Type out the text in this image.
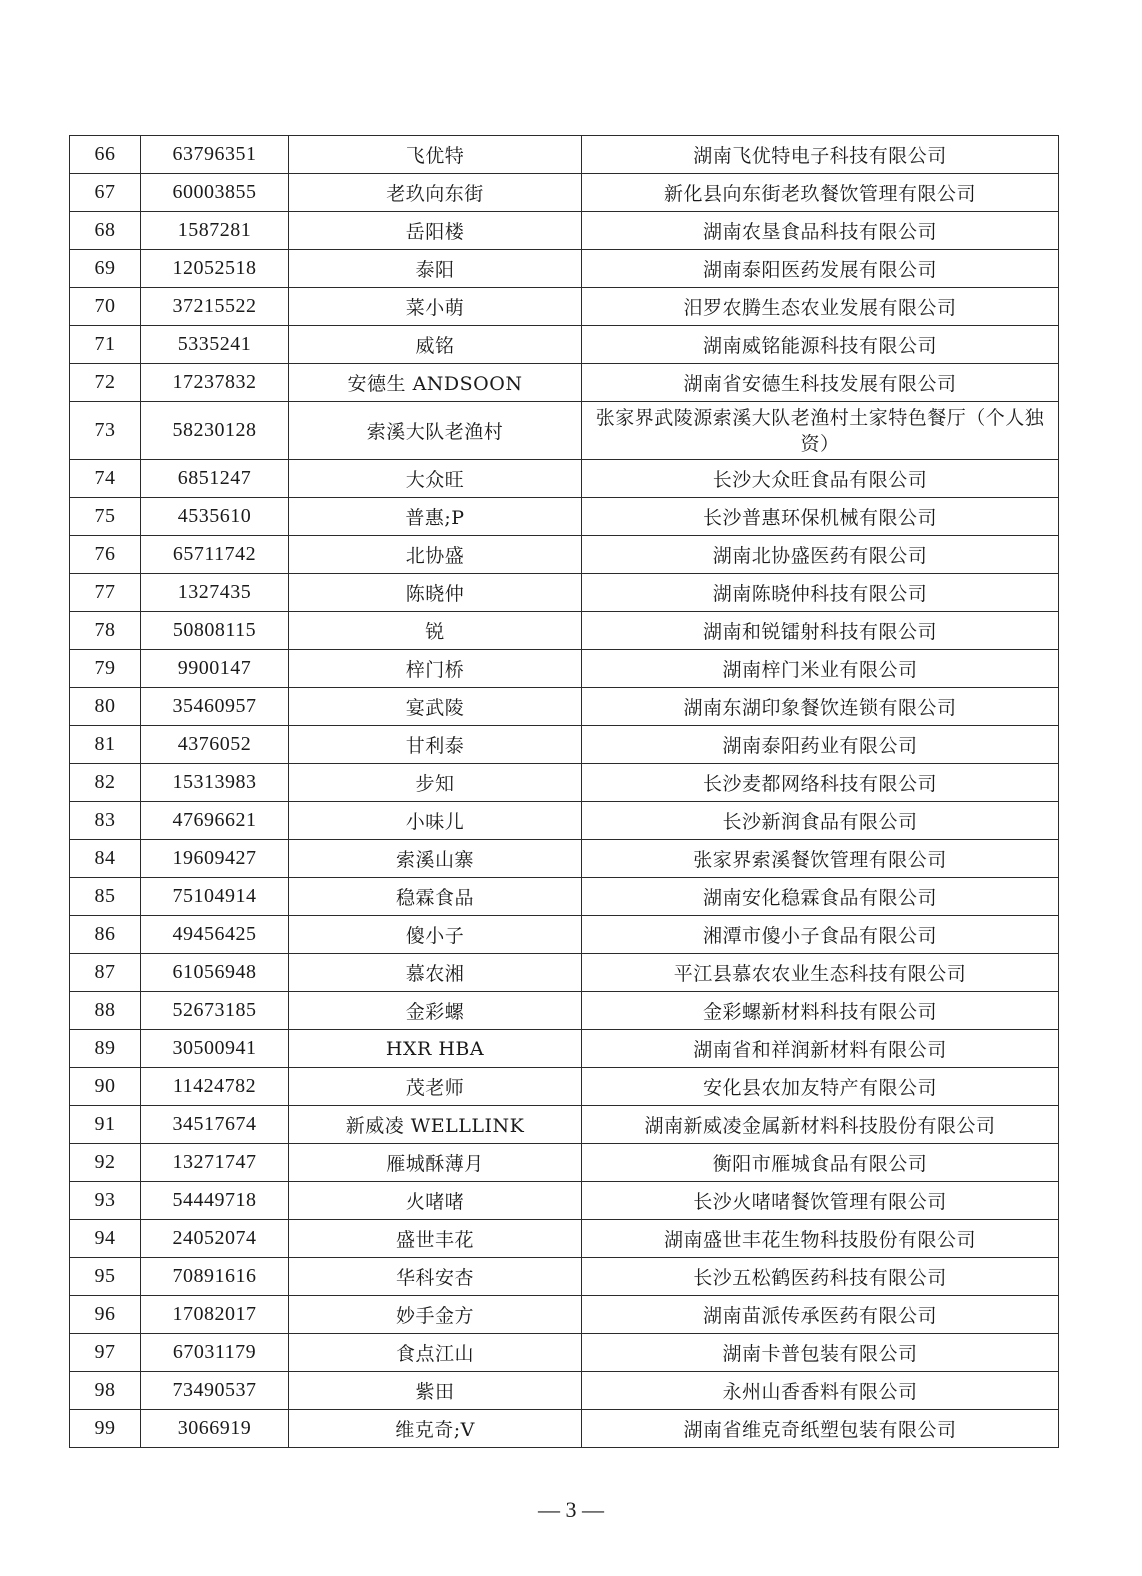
66	63796351	飞优特	湖南飞优特电子科技有限公司
67	60003855	老玖向东街	新化县向东街老玖餐饮管理有限公司
68	1587281	岳阳楼	湖南农垦食品科技有限公司
69	12052518	泰阳	湖南泰阳医药发展有限公司
70	37215522	菜小萌	汨罗农腾生态农业发展有限公司
71	5335241	威铭	湖南威铭能源科技有限公司
72	17237832	安德生 ANDSOON	湖南省安德生科技发展有限公司
73	58230128	索溪大队老渔村	张家界武陵源索溪大队老渔村土家特色餐厅（个人独资）
74	6851247	大众旺	长沙大众旺食品有限公司
75	4535610	普惠;P	长沙普惠环保机械有限公司
76	65711742	北协盛	湖南北协盛医药有限公司
77	1327435	陈晓仲	湖南陈晓仲科技有限公司
78	50808115	锐	湖南和锐镭射科技有限公司
79	9900147	梓门桥	湖南梓门米业有限公司
80	35460957	宴武陵	湖南东湖印象餐饮连锁有限公司
81	4376052	甘利泰	湖南泰阳药业有限公司
82	15313983	步知	长沙麦都网络科技有限公司
83	47696621	小味儿	长沙新润食品有限公司
84	19609427	索溪山寨	张家界索溪餐饮管理有限公司
85	75104914	稳霖食品	湖南安化稳霖食品有限公司
86	49456425	傻小子	湘潭市傻小子食品有限公司
87	61056948	慕农湘	平江县慕农农业生态科技有限公司
88	52673185	金彩螺	金彩螺新材料科技有限公司
89	30500941	HXR HBA	湖南省和祥润新材料有限公司
90	11424782	茂老师	安化县农加友特产有限公司
91	34517674	新威凌 WELLLINK	湖南新威凌金属新材料科技股份有限公司
92	13271747	雁城酥薄月	衡阳市雁城食品有限公司
93	54449718	火啫啫	长沙火啫啫餐饮管理有限公司
94	24052074	盛世丰花	湖南盛世丰花生物科技股份有限公司
95	70891616	华科安杏	长沙五松鹤医药科技有限公司
96	17082017	妙手金方	湖南苗派传承医药有限公司
97	67031179	食点江山	湖南卡普包装有限公司
98	73490537	紫田	永州山香香料有限公司
99	3066919	维克奇;V	湖南省维克奇纸塑包装有限公司
— 3 —
